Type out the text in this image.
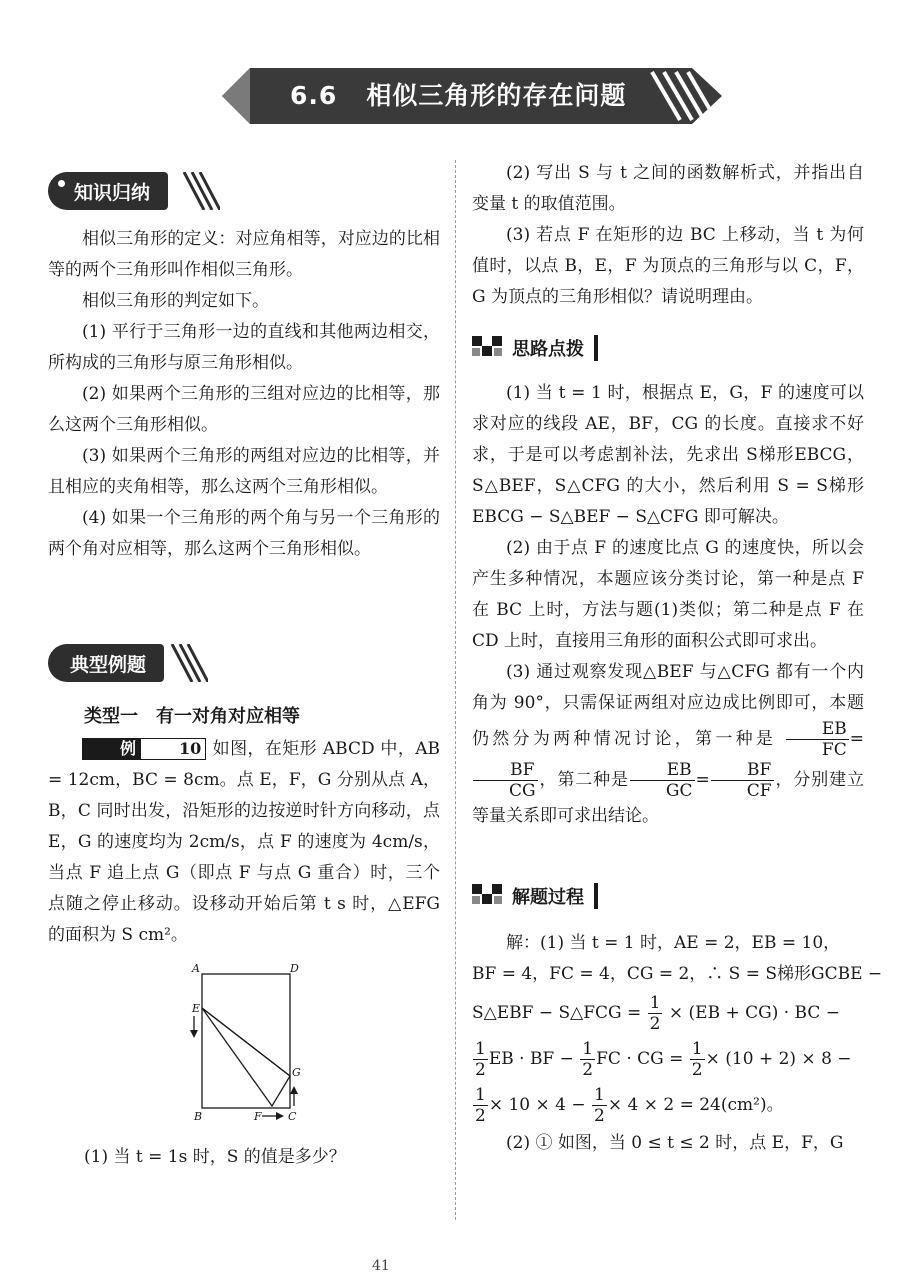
6.6 相似三角形的存在问题
知识归纳

相似三角形的定义：对应角相等，对应边的比相等的两个三角形叫作相似三角形。

相似三角形的判定如下。

(1) 平行于三角形一边的直线和其他两边相交，所构成的三角形与原三角形相似。

(2) 如果两个三角形的三组对应边的比相等，那么这两个三角形相似。

(3) 如果两个三角形的两组对应边的比相等，并且相应的夹角相等，那么这两个三角形相似。

(4) 如果一个三角形的两个角与另一个三角形的两个角对应相等，那么这两个三角形相似。

典型例题
类型一　有一对角对应相等

例	10 如图，在矩形 ABCD 中，AB = 12cm，BC = 8cm。点 E，F，G 分别从点 A，B，C 同时出发，沿矩形的边按逆时针方向移动，点 E，G 的速度均为 2cm/s，点 F 的速度为 4cm/s，当点 F 追上点 G（即点 F 与点 G 重合）时，三个点随之停止移动。设移动开始后第 t s 时，△EFG 的面积为 S cm²。

A	D
E
G
B	F C

(1) 当 t = 1s 时，S 的值是多少？

(2) 写出 S 与 t 之间的函数解析式，并指出自变量 t 的取值范围。

(3) 若点 F 在矩形的边 BC 上移动，当 t 为何值时，以点 B，E，F 为顶点的三角形与以 C，F，G 为顶点的三角形相似？请说明理由。

思路点拨

(1) 当 t = 1 时，根据点 E，G，F 的速度可以求对应的线段 AE，BF，CG 的长度。直接求不好求，于是可以考虑割补法，先求出 S梯形EBCG，S△BEF，S△CFG 的大小，然后利用 S = S梯形EBCG − S△BEF − S△CFG 即可解决。

(2) 由于点 F 的速度比点 G 的速度快，所以会产生多种情况，本题应该分类讨论，第一种是点 F 在 BC 上时，方法与题(1)类似；第二种是点 F 在 CD 上时，直接用三角形的面积公式即可求出。

(3) 通过观察发现△BEF 与△CFG 都有一个内角为 90°，只需保证两组对应边成比例即可，本题仍然分为两种情况讨论，第一种是 $\frac{EB}{FC}$ =
$\frac{BF}{CG}$ ，第二种是 $\frac{EB}{GC} = \frac{BF}{CF}$ ，分别建立等量关系即可求出结论。

解题过程
解：(1) 当 t = 1 时，AE = 2，EB = 10，
BF = 4，FC = 4，CG = 2，∴ S = S梯形GCBE −
S△EBF − S△FCG = $\frac{1}{2} \times (EB + CG)$ · BC −
$\frac{1}{2}$ EB · BF − $\frac{1}{2}$ FC · CG = $\frac{1}{2} \times (10 + 2) \times 8$ −
$\frac{1}{2} \times 10 \times 4 - \frac{1}{2} \times 4 \times 2 = 24(cm^2)$。
(2) ① 如图，当 0 ≤ t ≤ 2 时，点 E，F，G
41
